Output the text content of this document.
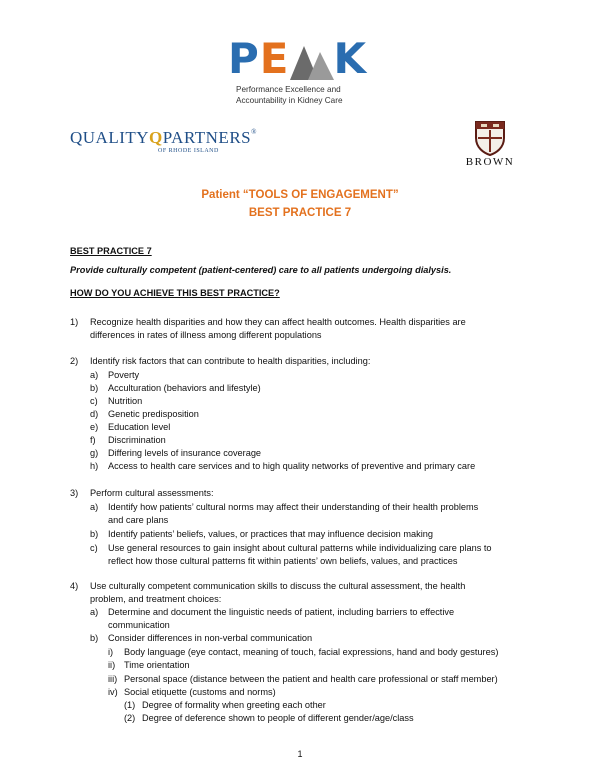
P E K
Performance Excellence and
Accountability in Kidney Care
QUALITYQPARTNERS®
OF RHODE ISLAND
BROWN
Patient “TOOLS OF ENGAGEMENT”
BEST PRACTICE 7
BEST PRACTICE 7
Provide culturally competent (patient-centered) care to all patients undergoing dialysis.
HOW DO YOU ACHIEVE THIS BEST PRACTICE?
1) Recognize health disparities and how they can affect health outcomes. Health disparities are
differences in rates of illness among different populations
2) Identify risk factors that can contribute to health disparities, including:
a) Poverty
b) Acculturation (behaviors and lifestyle)
c) Nutrition
d) Genetic predisposition
e) Education level
f) Discrimination
g) Differing levels of insurance coverage
h) Access to health care services and to high quality networks of preventive and primary care
3) Perform cultural assessments:
a) Identify how patients’ cultural norms may affect their understanding of their health problems
and care plans
b) Identify patients’ beliefs, values, or practices that may influence decision making
c) Use general resources to gain insight about cultural patterns while individualizing care plans to
reflect how those cultural patterns fit within patients’ own beliefs, values, and practices
4) Use culturally competent communication skills to discuss the cultural assessment, the health
problem, and treatment choices:
a) Determine and document the linguistic needs of patient, including barriers to effective
communication
b) Consider differences in non-verbal communication
i) Body language (eye contact, meaning of touch, facial expressions, hand and body gestures)
ii) Time orientation
iii) Personal space (distance between the patient and health care professional or staff member)
iv) Social etiquette (customs and norms)
(1) Degree of formality when greeting each other
(2) Degree of deference shown to people of different gender/age/class
1
